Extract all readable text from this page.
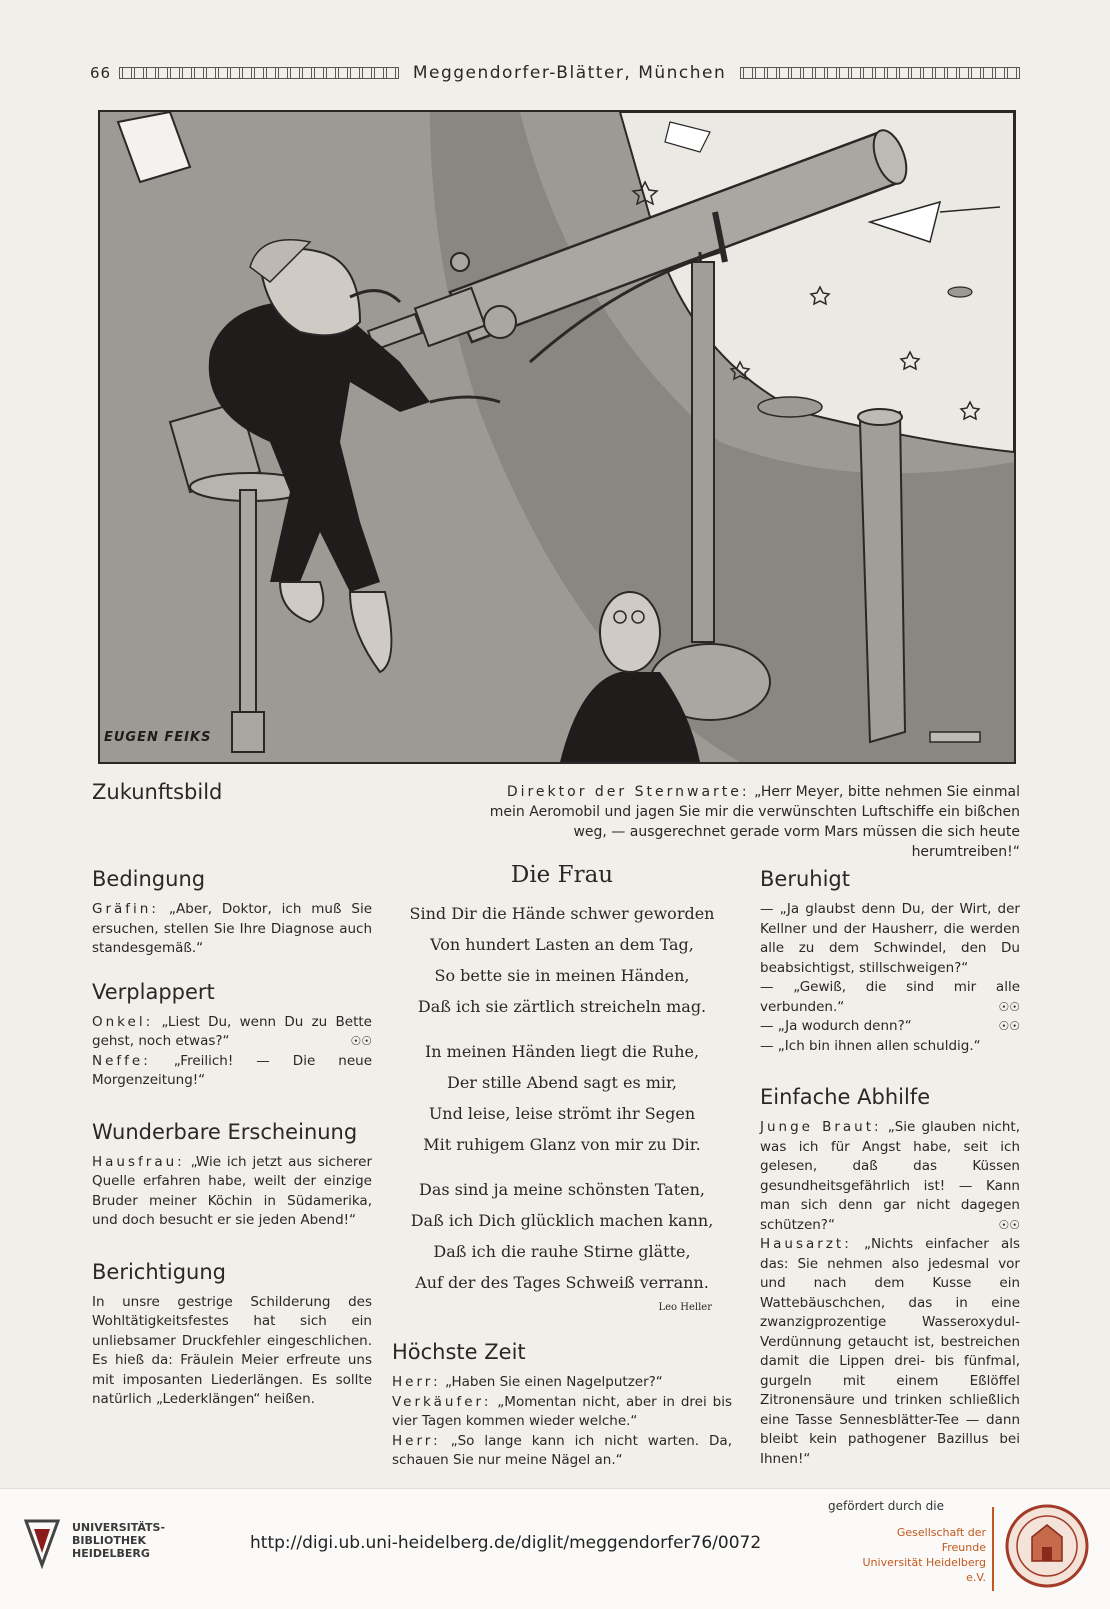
66	Meggendorfer-Blätter, München
EUGEN FEIKS
Zukunftsbild	Direktor der Sternwarte: „Herr Meyer, bitte nehmen Sie einmal mein Aeromobil und jagen Sie mir die verwünschten Luftschiffe ein bißchen weg, — ausgerechnet gerade vorm Mars müssen die sich heute herumtreiben!“
Bedingung

Gräfin: „Aber, Doktor, ich muß Sie ersuchen, stellen Sie Ihre Diagnose auch standesgemäß.“

Verplappert

Onkel: „Liest Du, wenn Du zu Bette gehst, noch etwas?“	☉☉

Neffe: „Freilich! — Die neue Morgenzeitung!“

Wunderbare Erscheinung

Hausfrau: „Wie ich jetzt aus sicherer Quelle erfahren habe, weilt der einzige Bruder meiner Köchin in Südamerika, und doch besucht er sie jeden Abend!“

Berichtigung

In unsre gestrige Schilderung des Wohltätigkeitsfestes hat sich ein unliebsamer Druckfehler eingeschlichen. Es hieß da: Fräulein Meier erfreute uns mit imposanten Liederlängen. Es sollte natürlich „Lederklängen“ heißen.

Die Frau
Sind Dir die Hände schwer geworden
Von hundert Lasten an dem Tag,
So bette sie in meinen Händen,
Daß ich sie zärtlich streicheln mag.
In meinen Händen liegt die Ruhe,
Der stille Abend sagt es mir,
Und leise, leise strömt ihr Segen
Mit ruhigem Glanz von mir zu Dir.
Das sind ja meine schönsten Taten,
Daß ich Dich glücklich machen kann,
Daß ich die rauhe Stirne glätte,
Auf der des Tages Schweiß verrann.
Leo Heller
Höchste Zeit

Herr: „Haben Sie einen Nagelputzer?“

Verkäufer: „Momentan nicht, aber in drei bis vier Tagen kommen wieder welche.“

Herr: „So lange kann ich nicht warten. Da, schauen Sie nur meine Nägel an.“

Beruhigt

— „Ja glaubst denn Du, der Wirt, der Kellner und der Hausherr, die werden alle zu dem Schwindel, den Du beabsichtigst, stillschweigen?“

— „Gewiß, die sind mir alle verbunden.“	☉☉

— „Ja wodurch denn?“	☉☉

— „Ich bin ihnen allen schuldig.“

Einfache Abhilfe

Junge Braut: „Sie glauben nicht, was ich für Angst habe, seit ich gelesen, daß das Küssen gesundheitsgefährlich ist! — Kann man sich denn gar nicht dagegen schützen?“	☉☉

Hausarzt: „Nichts einfacher als das: Sie nehmen also jedesmal vor und nach dem Kusse ein Wattebäuschchen, das in eine zwanzigprozentige Wasseroxydul-Verdünnung getaucht ist, bestreichen damit die Lippen drei- bis fünfmal, gurgeln mit einem Eßlöffel Zitronensäure und trinken schließlich eine Tasse Sennesblätter-Tee — dann bleibt kein pathogener Bazillus bei Ihnen!“

UNIVERSITÄTS-
BIBLIOTHEK
HEIDELBERG
http://digi.ub.uni-heidelberg.de/diglit/meggendorfer76/0072
gefördert durch die
Gesellschaft der Freunde
Universität Heidelberg e.V.
